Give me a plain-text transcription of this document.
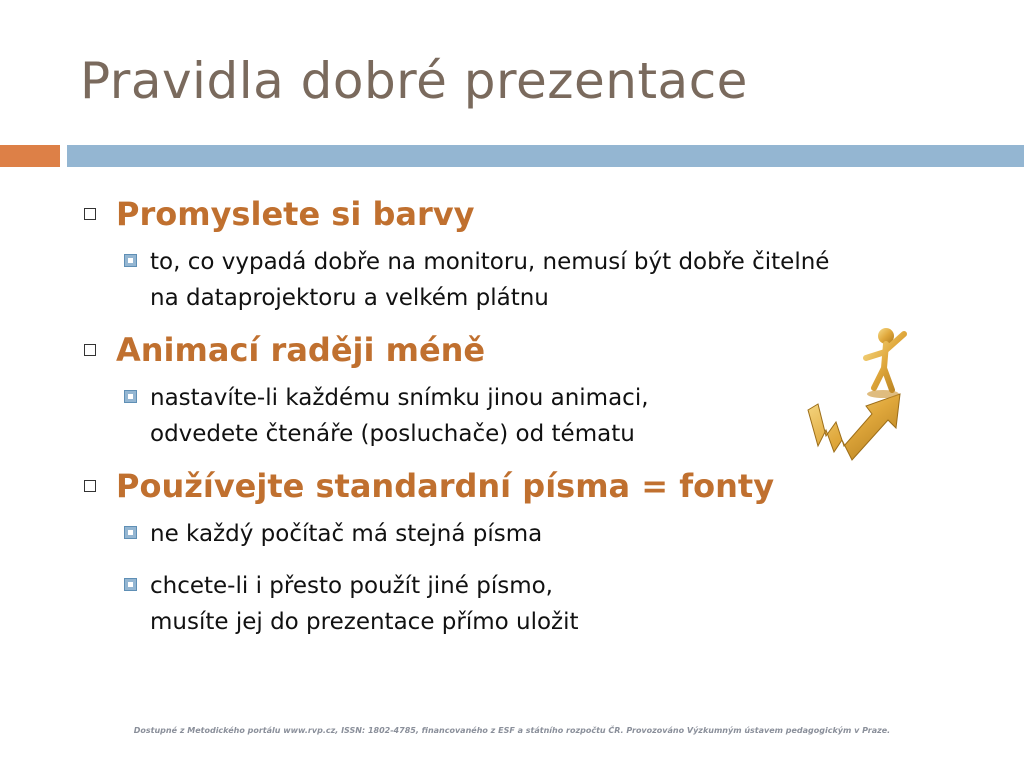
Pravidla dobré prezentace
Promyslete si barvy
to, co vypadá dobře na monitoru, nemusí být dobře čitelné
na dataprojektoru a velkém plátnu
Animací raději méně
nastavíte-li každému snímku jinou animaci,
odvedete čtenáře (posluchače) od tématu
Používejte standardní písma = fonty
ne každý počítač má stejná písma
chcete-li i přesto použít jiné písmo,
musíte jej do prezentace přímo uložit
Dostupné z Metodického portálu www.rvp.cz, ISSN: 1802-4785, financovaného z ESF a státního rozpočtu ČR. Provozováno Výzkumným ústavem pedagogickým v Praze.
